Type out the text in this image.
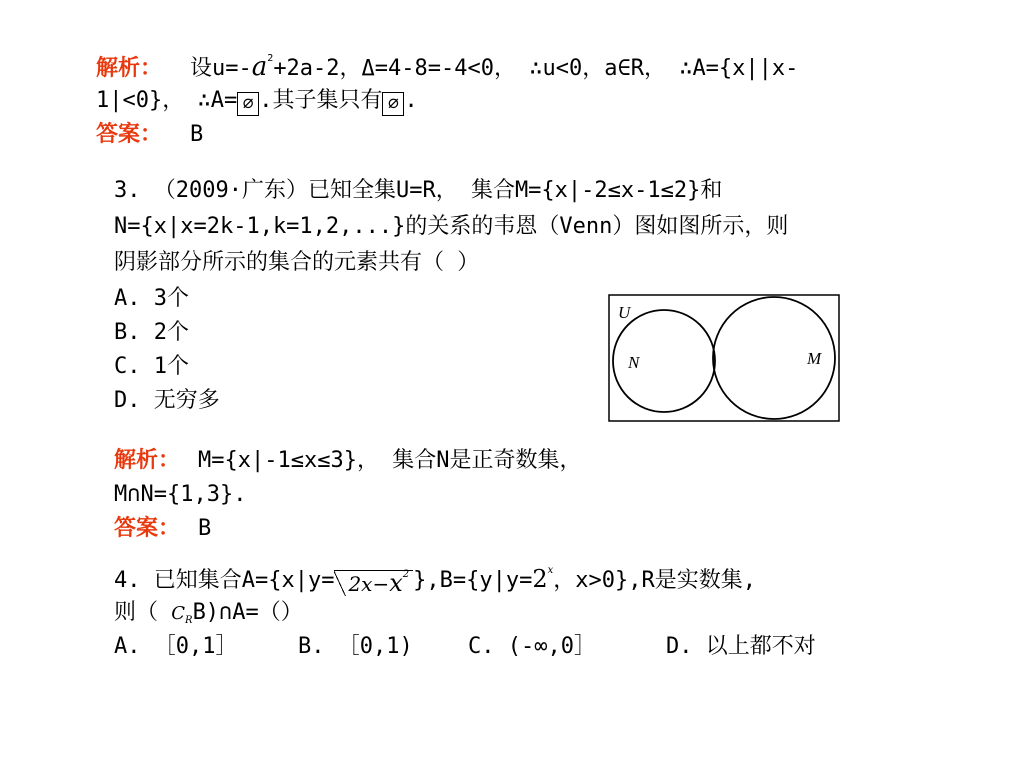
解析： 设$u=-a^2+2a-2$，Δ=4-8=-4<0， ∴u<0，a∈R， ∴A={x||x-
1|<0}， ∴A= ∅ .其子集只有 ∅ .
答案： B
3. （2009·广东）已知全集U=R， 集合M={x|-2≤x-1≤2}和
N={x|x=2k-1,k=1,2,...}的关系的韦恩（Venn）图如图所示，则
阴影部分所示的集合的元素共有（ ）
A. 3个
B. 2个
C. 1个
D. 无穷多
U
N	M
解析： M={x|-1≤x≤3}， 集合N是正奇数集，
M∩N={1,3}.
答案： B
4. 已知集合$A=\{x|y= 2x-x^2$ }$,B=\{y|y=2^x$，x>0},R是实数集,
则（ $C_RB)\cap A=()$
A. ［0,1］	B. ［0,1)	C. (-∞,0］	D. 以上都不对
